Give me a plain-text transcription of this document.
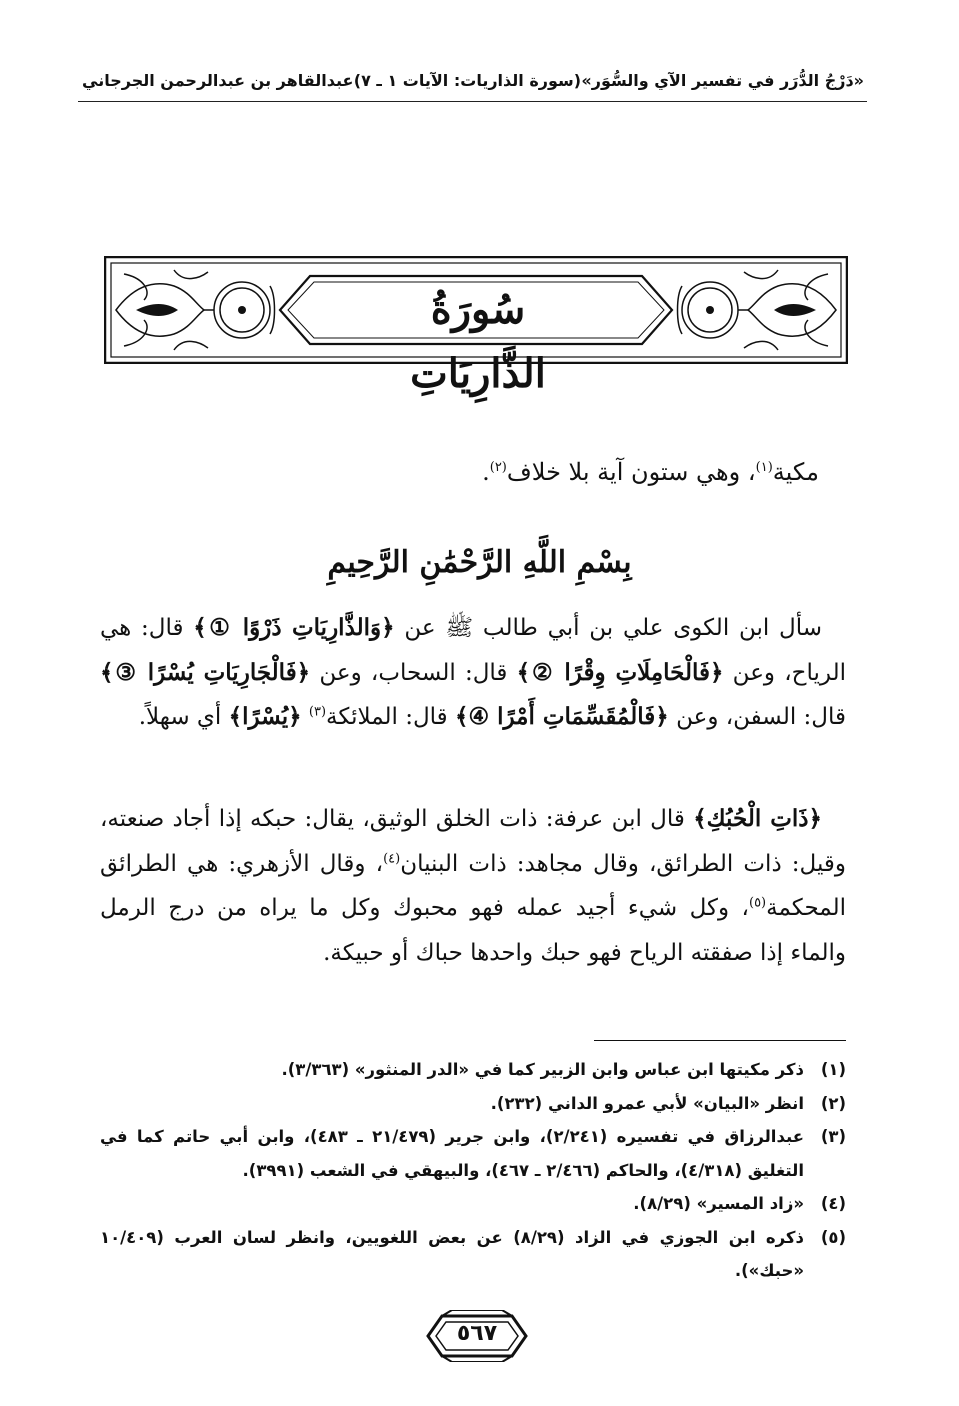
«دَرْجُ الدُّرَر في تفسير الآي والسُّوَر»
(سورة الذاريات: الآيات ١ ـ ٧)
عبدالقاهر بن عبدالرحمن الجرجاني
سُورَةُ الذَّارِيَاتِ
مكية$^{(١)}$، وهي ستون آية بلا خلاف$^{(٢)}$.
بِسْمِ اللَّهِ الرَّحْمَٰنِ الرَّحِيمِ

سأل ابن الكوى علي بن أبي طالب ﷺ عن ﴿وَالذَّارِيَاتِ ذَرْوًا ①﴾ قال: هي الرياح، وعن ﴿فَالْحَامِلَاتِ وِقْرًا ②﴾ قال: السحاب، وعن ﴿فَالْجَارِيَاتِ يُسْرًا ③﴾ قال: السفن، وعن ﴿فَالْمُقَسِّمَاتِ أَمْرًا ④﴾ قال: الملائكة$^{(٣)}$ ﴿يُسْرًا﴾ أي سهلاً.

﴿ذَاتِ الْحُبُكِ﴾ قال ابن عرفة: ذات الخلق الوثيق، يقال: حبكه إذا أجاد صنعته، وقيل: ذات الطرائق، وقال مجاهد: ذات البنيان$^{(٤)}$، وقال الأزهري: هي الطرائق المحكمة$^{(٥)}$، وكل شيء أجيد عمله فهو محبوك وكل ما يراه من درج الرمل والماء إذا صفقته الرياح فهو حبك واحدها حباك أو حبيكة.

(١)
ذكر مكيتها ابن عباس وابن الزبير كما في «الدر المنثور» (٣/٣٦٣).
(٢)
انظر «البيان» لأبي عمرو الداني (٢٣٢).
(٣)
عبدالرزاق في تفسيره (٢/٢٤١)، وابن جرير (٢١/٤٧٩ ـ ٤٨٣)، وابن أبي حاتم كما في التغليق (٤/٣١٨)، والحاكم (٢/٤٦٦ ـ ٤٦٧)، والبيهقي في الشعب (٣٩٩١).
(٤)
«زاد المسير» (٨/٢٩).
(٥)
ذكره ابن الجوزي في الزاد (٨/٢٩) عن بعض اللغويين، وانظر لسان العرب (١٠/٤٠٩ «حبك»).
٥٦٧
